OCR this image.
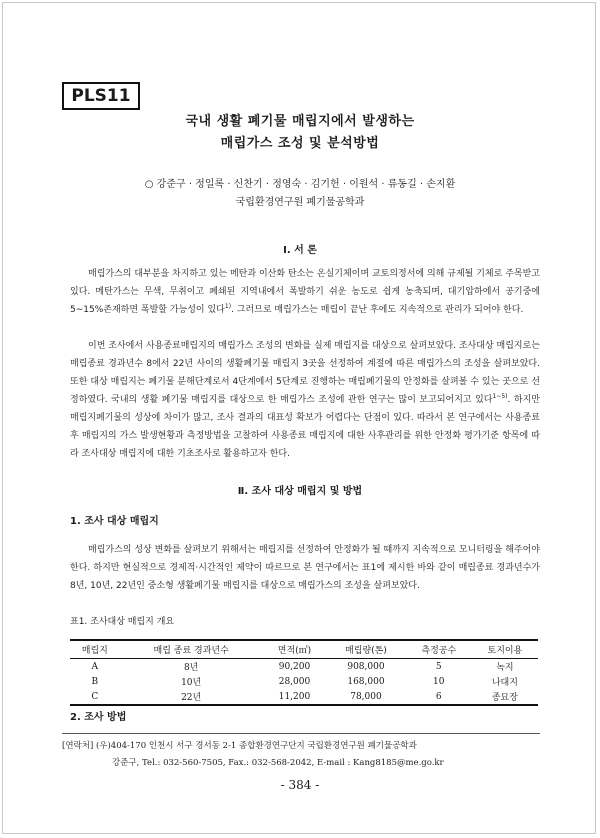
PLS11
국내 생활 폐기물 매립지에서 발생하는
매립가스 조성 및 분석방법
○ 강준구 · 정일록 · 신찬기 · 정영숙 · 김기헌 · 이원석 · 류동길 · 손지환
국립환경연구원 폐기물공학과
Ⅰ. 서 론
매립가스의 대부분을 차지하고 있는 메탄과 이산화 탄소는 온실기체이며 교토의정서에 의해 규제될 기체로 주목받고 있다. 메탄가스는 무색, 무취이고 폐쇄된 지역내에서 폭발하기 쉬운 농도로 쉽게 농축되며, 대기압하에서 공기중에 5∼15%존재하면 폭발할 가능성이 있다$^{1)}$. 그러므로 매립가스는 매립이 끝난 후에도 지속적으로 관리가 되어야 한다.
이번 조사에서 사용종료매립지의 매립가스 조성의 변화를 실제 매립지를 대상으로 살펴보았다. 조사대상 매립지로는 매립종료 경과년수 8에서 22년 사이의 생활폐기물 매립지 3곳을 선정하여 계절에 따른 매립가스의 조성을 살펴보았다. 또한 대상 매립지는 폐기물 분해단계로서 4단계에서 5단계로 진행하는 매립폐기물의 안정화를 살펴볼 수 있는 곳으로 선정하였다. 국내의 생활 폐기물 매립지를 대상으로 한 매립가스 조성에 관한 연구는 많이 보고되어지고 있다$^{1\sim 5)}$. 하지만 매립지폐기물의 성상에 차이가 많고, 조사 결과의 대표성 확보가 어렵다는 단점이 있다. 따라서 본 연구에서는 사용종료 후 매립지의 가스 발생현황과 측정방법을 고찰하여 사용종료 매립지에 대한 사후관리를 위한 안정화 평가기준 항목에 따라 조사대상 매립지에 대한 기초조사로 활용하고자 한다.
Ⅱ. 조사 대상 매립지 및 방법
1. 조사 대상 매립지
매립가스의 성상 변화를 살펴보기 위해서는 매립지를 선정하여 안정화가 될 때까지 지속적으로 모니터링을 해주어야 한다. 하지만 현실적으로 경제적·시간적인 제약이 따르므로 본 연구에서는 표1에 제시한 바와 같이 매립종료 경과년수가 8년, 10년, 22년인 중소형 생활폐기물 매립지를 대상으로 매립가스의 조성을 살펴보았다.
표1. 조사대상 매립지 개요
매립지	매립 종료 경과년수	면적(㎡)	매립량(톤)	측정공수	토지이용
A	8년	90,200	908,000	5	녹지
B	10년	28,000	168,000	10	나대지
C	22년	11,200	78,000	6	종묘장
2. 조사 방법
[연락처] (우)404-170 인천시 서구 경서동 2-1 종합환경연구단지 국립환경연구원 폐기물공학과
강준구, Tel.: 032-560-7505, Fax.: 032-568-2042, E-mail : Kang8185@me.go.kr
- 384 -
